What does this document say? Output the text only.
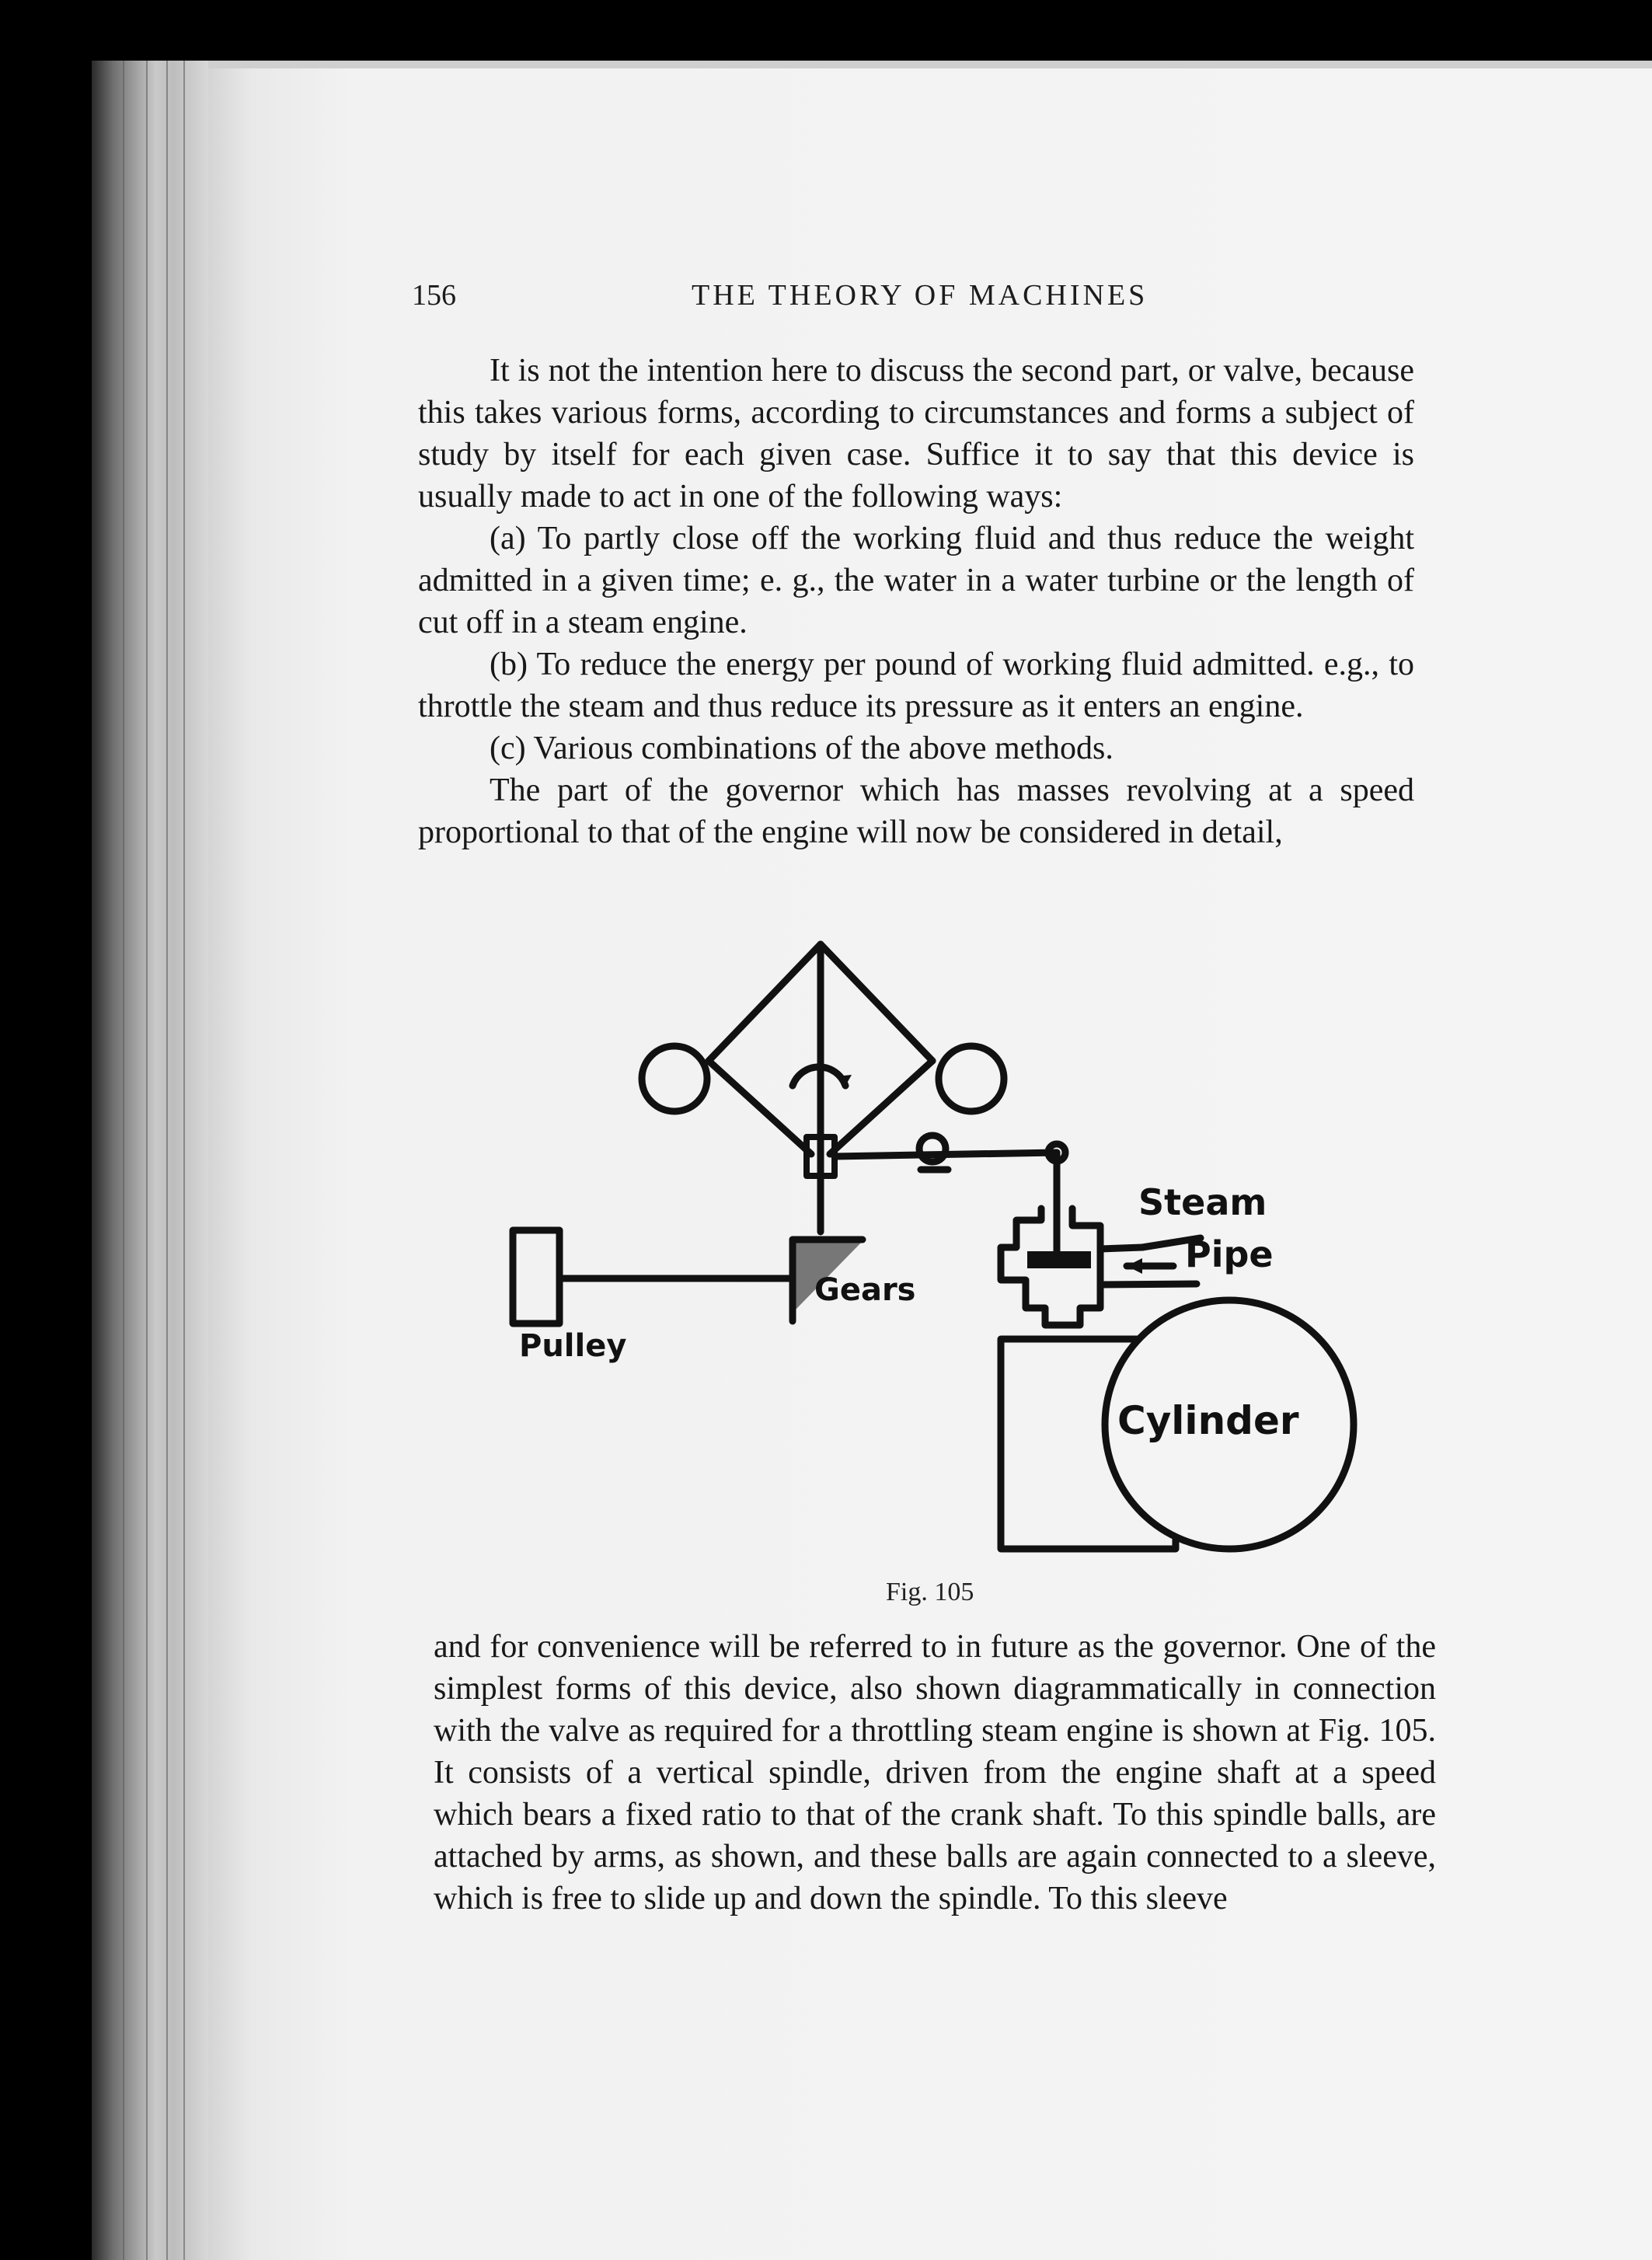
156	THE THEORY OF MACHINES

It is not the intention here to discuss the second part, or valve, because this takes various forms, according to circumstances and forms a subject of study by itself for each given case. Suffice it to say that this device is usually made to act in one of the following ways:

(a) To partly close off the working fluid and thus reduce the weight admitted in a given time; e. g., the water in a water turbine or the length of cut off in a steam engine.

(b) To reduce the energy per pound of working fluid admitted. e.g., to throttle the steam and thus reduce its pressure as it enters an engine.

(c) Various combinations of the above methods.

The part of the governor which has masses revolving at a speed proportional to that of the engine will now be considered in detail,

Steam
Pipe
Gears
Pulley
Cylinder
Fig. 105

and for convenience will be referred to in future as the governor. One of the simplest forms of this device, also shown diagrammatically in connection with the valve as required for a throttling steam engine is shown at Fig. 105. It consists of a vertical spindle, driven from the engine shaft at a speed which bears a fixed ratio to that of the crank shaft. To this spindle balls, are attached by arms, as shown, and these balls are again connected to a sleeve, which is free to slide up and down the spindle. To this sleeve
